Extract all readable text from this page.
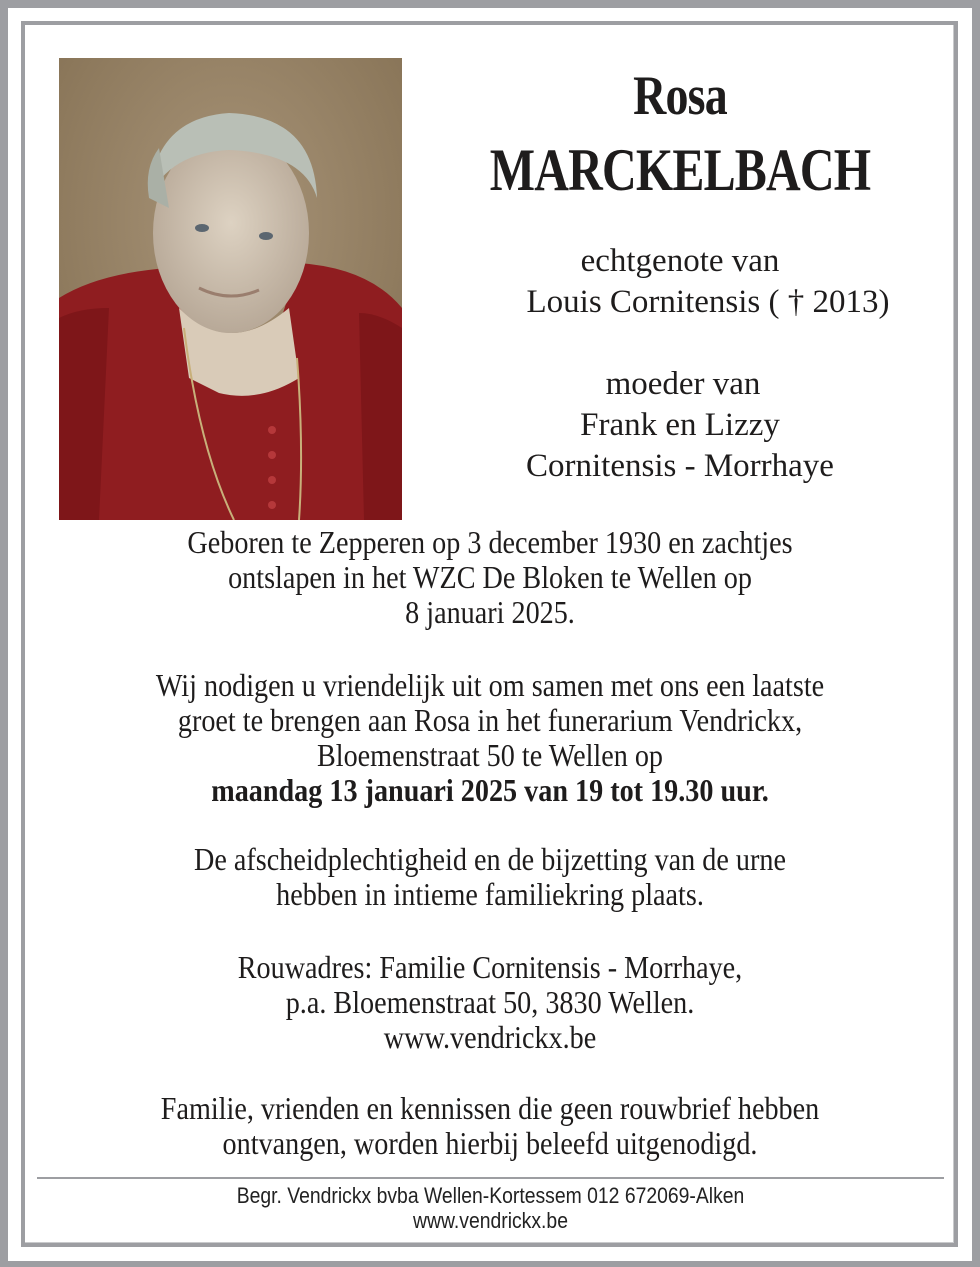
Rosa
MARCKELBACH
echtgenote van
Louis Cornitensis ( † 2013)
moeder van
Frank en Lizzy
Cornitensis - Morrhaye
Geboren te Zepperen op 3 december 1930 en zachtjes
ontslapen in het WZC De Bloken te Wellen op
8 januari 2025.
Wij nodigen u vriendelijk uit om samen met ons een laatste
groet te brengen aan Rosa in het funerarium Vendrickx,
Bloemenstraat 50 te Wellen op
maandag 13 januari 2025 van 19 tot 19.30 uur.
De afscheidplechtigheid en de bijzetting van de urne
hebben in intieme familiekring plaats.
Rouwadres: Familie Cornitensis - Morrhaye,
p.a. Bloemenstraat 50, 3830 Wellen.
www.vendrickx.be
Familie, vrienden en kennissen die geen rouwbrief hebben
ontvangen, worden hierbij beleefd uitgenodigd.
Begr. Vendrickx bvba Wellen-Kortessem 012 672069-Alken
www.vendrickx.be
